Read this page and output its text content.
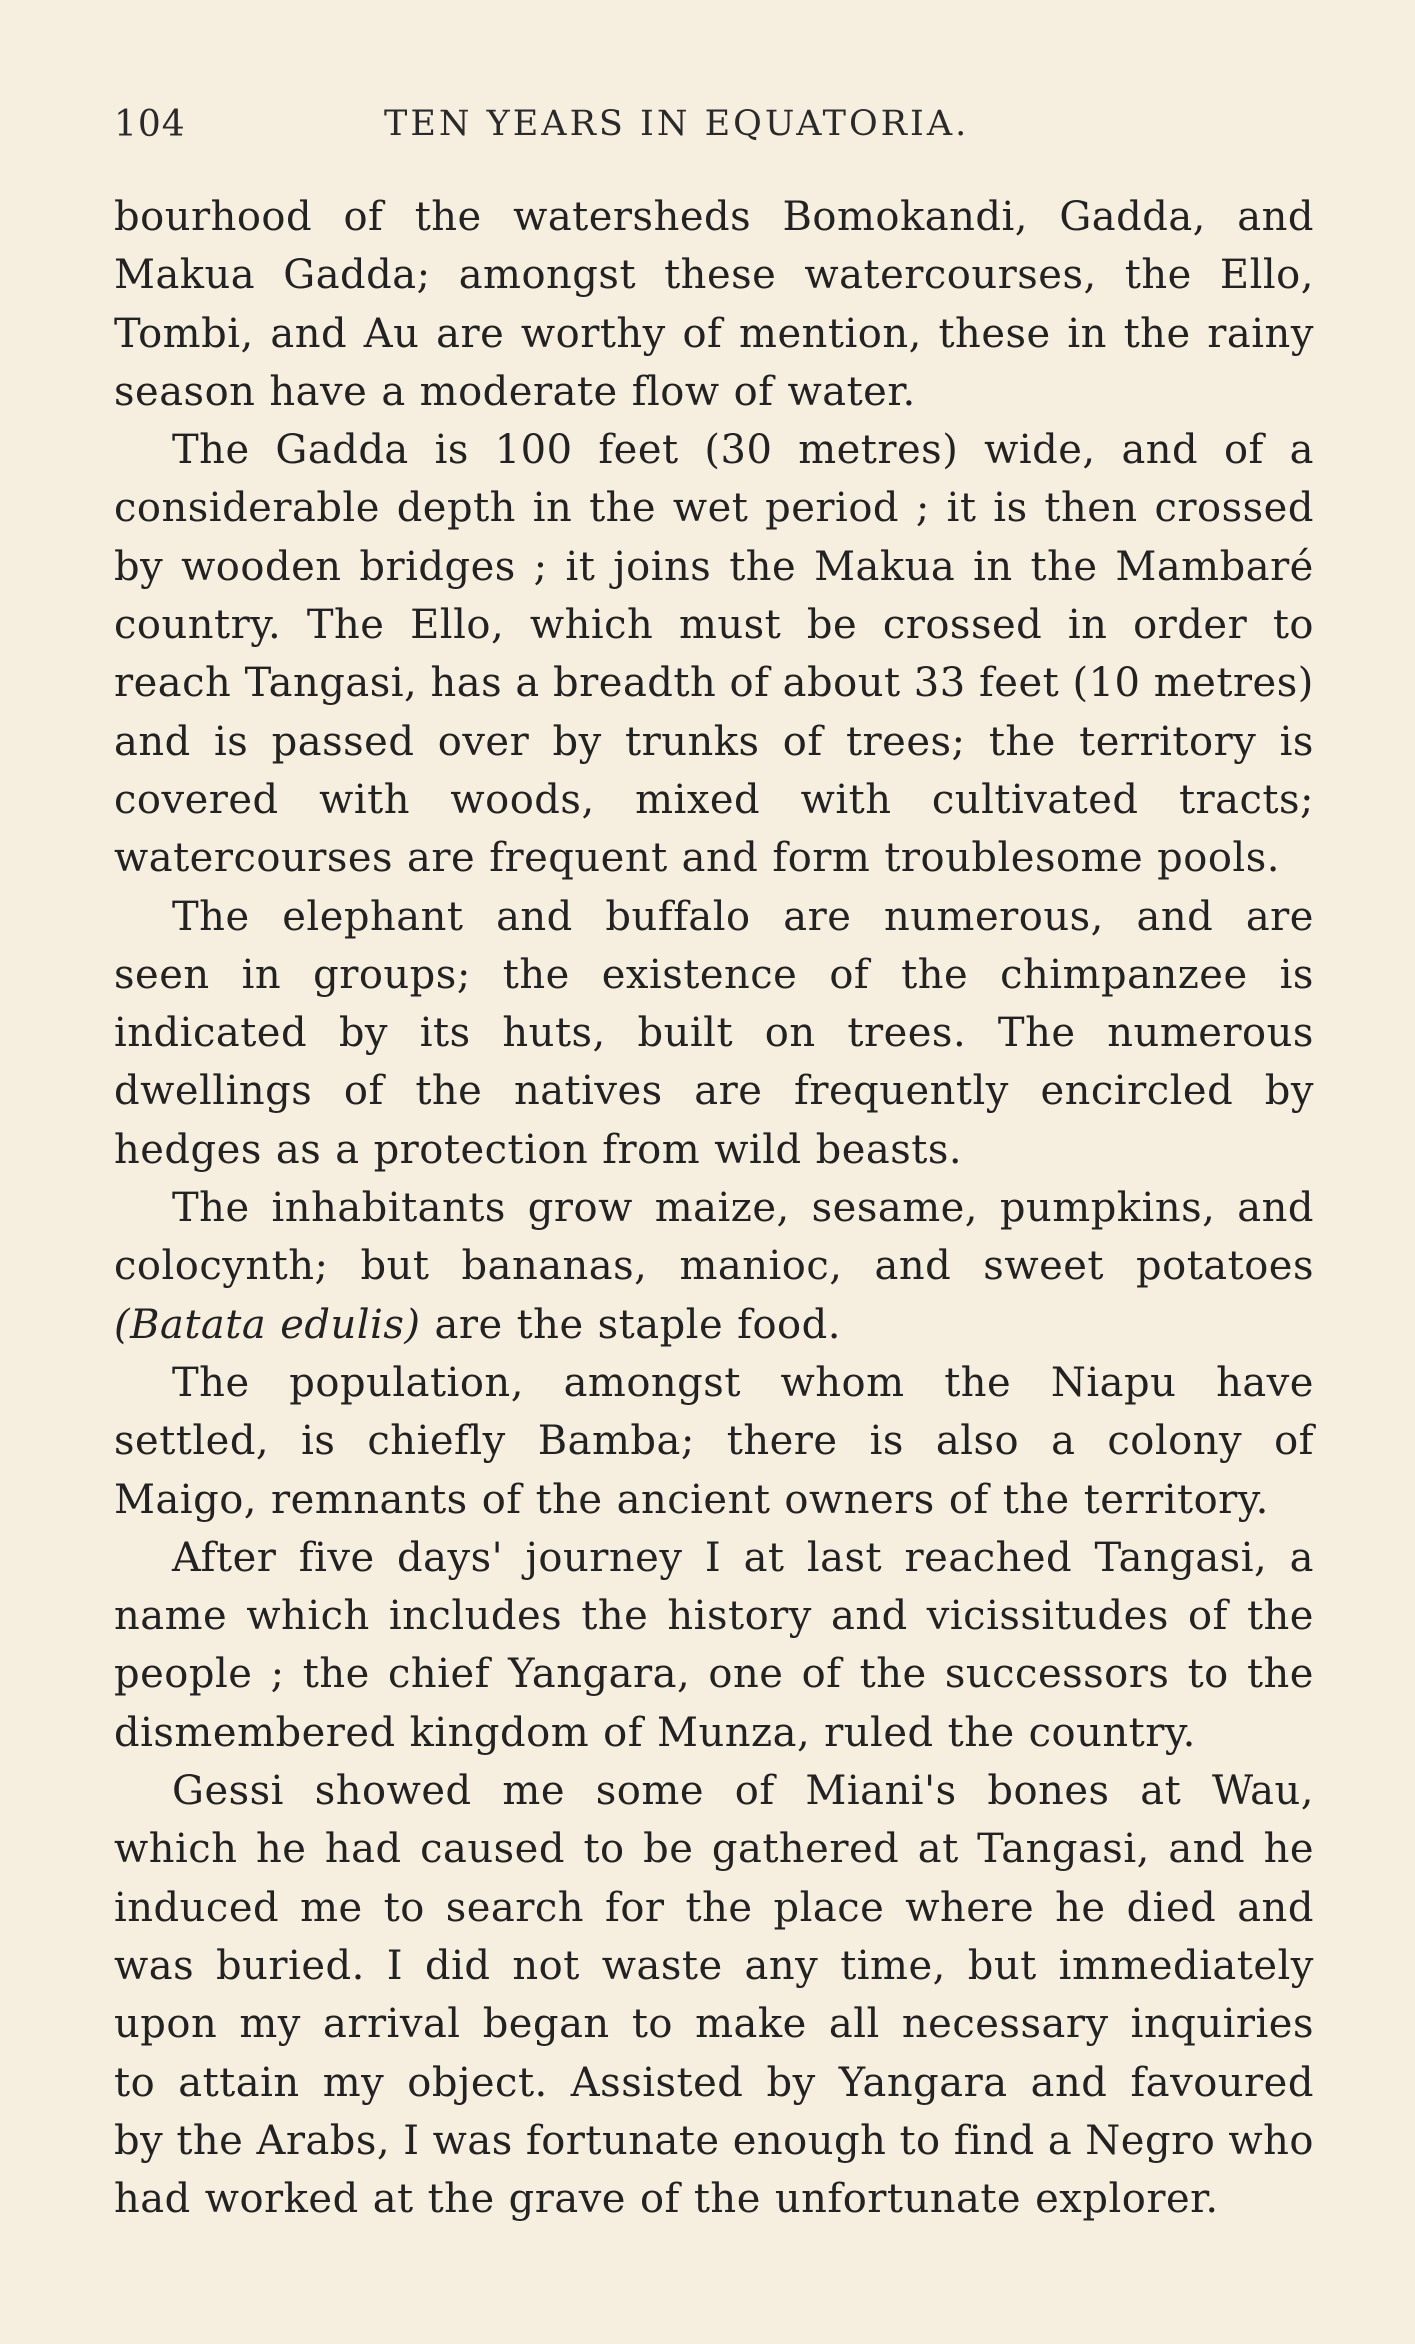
104	TEN YEARS IN EQUATORIA.
bourhood of the watersheds Bomokandi, Gadda, and
Makua Gadda; amongst these watercourses, the Ello,
Tombi, and Au are worthy of mention, these in the rainy
season have a moderate flow of water.
The Gadda is 100 feet (30 metres) wide, and of a
considerable depth in the wet period ; it is then crossed
by wooden bridges ; it joins the Makua in the Mambaré
country. The Ello, which must be crossed in order to
reach Tangasi, has a breadth of about 33 feet (10 metres)
and is passed over by trunks of trees; the territory is
covered with woods, mixed with cultivated tracts;
watercourses are frequent and form troublesome pools.
The elephant and buffalo are numerous, and are
seen in groups; the existence of the chimpanzee is
indicated by its huts, built on trees. The numerous
dwellings of the natives are frequently encircled by
hedges as a protection from wild beasts.
The inhabitants grow maize, sesame, pumpkins, and
colocynth; but bananas, manioc, and sweet potatoes
(Batata edulis) are the staple food.
The population, amongst whom the Niapu have
settled, is chiefly Bamba; there is also a colony of
Maigo, remnants of the ancient owners of the territory.
After five days' journey I at last reached Tangasi, a
name which includes the history and vicissitudes of the
people ; the chief Yangara, one of the successors to the
dismembered kingdom of Munza, ruled the country.
Gessi showed me some of Miani's bones at Wau,
which he had caused to be gathered at Tangasi, and he
induced me to search for the place where he died and
was buried. I did not waste any time, but immediately
upon my arrival began to make all necessary inquiries
to attain my object. Assisted by Yangara and favoured
by the Arabs, I was fortunate enough to find a Negro who
had worked at the grave of the unfortunate explorer.
